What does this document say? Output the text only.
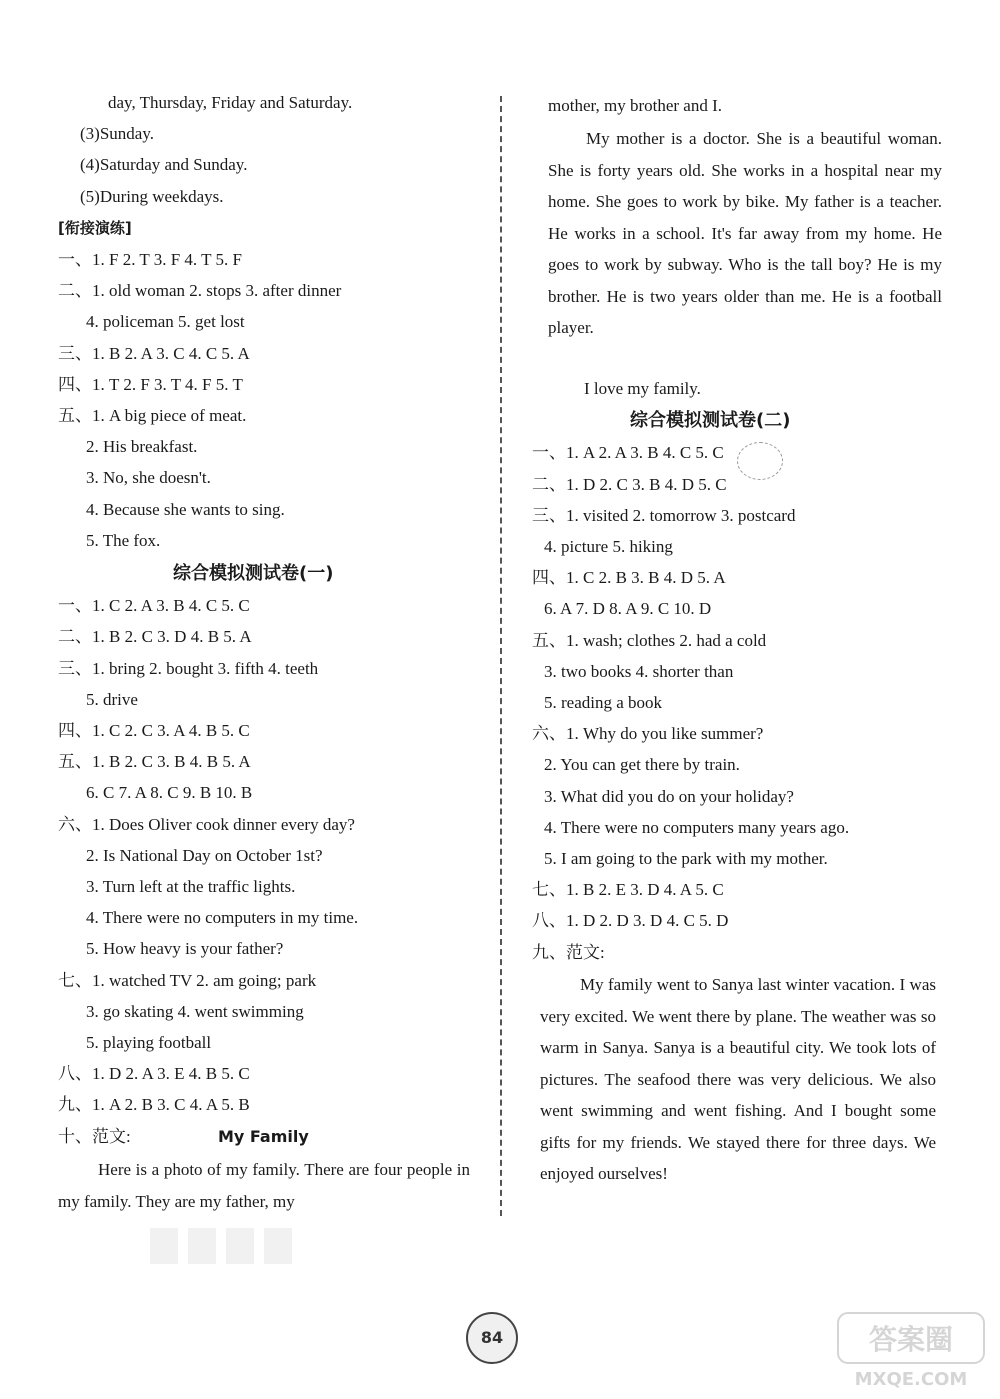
day, Thursday, Friday and Saturday.
(3)Sunday.
(4)Saturday and Sunday.
(5)During weekdays.
[衔接演练]
一、1. F 2. T 3. F 4. T 5. F
二、1. old woman 2. stops 3. after dinner
4. policeman 5. get lost
三、1. B 2. A 3. C 4. C 5. A
四、1. T 2. F 3. T 4. F 5. T
五、1. A big piece of meat.
2. His breakfast.
3. No, she doesn't.
4. Because she wants to sing.
5. The fox.
综合模拟测试卷(一)
一、1. C 2. A 3. B 4. C 5. C
二、1. B 2. C 3. D 4. B 5. A
三、1. bring 2. bought 3. fifth 4. teeth
5. drive
四、1. C 2. C 3. A 4. B 5. C
五、1. B 2. C 3. B 4. B 5. A
6. C 7. A 8. C 9. B 10. B
六、1. Does Oliver cook dinner every day?
2. Is National Day on October 1st?
3. Turn left at the traffic lights.
4. There were no computers in my time.
5. How heavy is your father?
七、1. watched TV 2. am going; park
3. go skating 4. went swimming
5. playing football
八、1. D 2. A 3. E 4. B 5. C
九、1. A 2. B 3. C 4. A 5. B
十、范文:	My Family
Here is a photo of my family. There are four people in my family. They are my father, my
mother, my brother and I.
My mother is a doctor. She is a beautiful woman. She is forty years old. She works in a hospital near my home. She goes to work by bike. My father is a teacher. He works in a school. It's far away from my home. He goes to work by subway. Who is the tall boy? He is my brother. He is two years older than me. He is a football player.
I love my family.
综合模拟测试卷(二)
一、1. A 2. A 3. B 4. C 5. C
二、1. D 2. C 3. B 4. D 5. C
三、1. visited 2. tomorrow 3. postcard
4. picture 5. hiking
四、1. C 2. B 3. B 4. D 5. A
6. A 7. D 8. A 9. C 10. D
五、1. wash; clothes 2. had a cold
3. two books 4. shorter than
5. reading a book
六、1. Why do you like summer?
2. You can get there by train.
3. What did you do on your holiday?
4. There were no computers many years ago.
5. I am going to the park with my mother.
七、1. B 2. E 3. D 4. A 5. C
八、1. D 2. D 3. D 4. C 5. D
九、范文:
My family went to Sanya last winter vacation. I was very excited. We went there by plane. The weather was so warm in Sanya. Sanya is a beautiful city. We took lots of pictures. The seafood there was very delicious. We also went swimming and went fishing. And I bought some gifts for my friends. We stayed there for three days. We enjoyed ourselves!
84	答案圈
MXQE.COM
